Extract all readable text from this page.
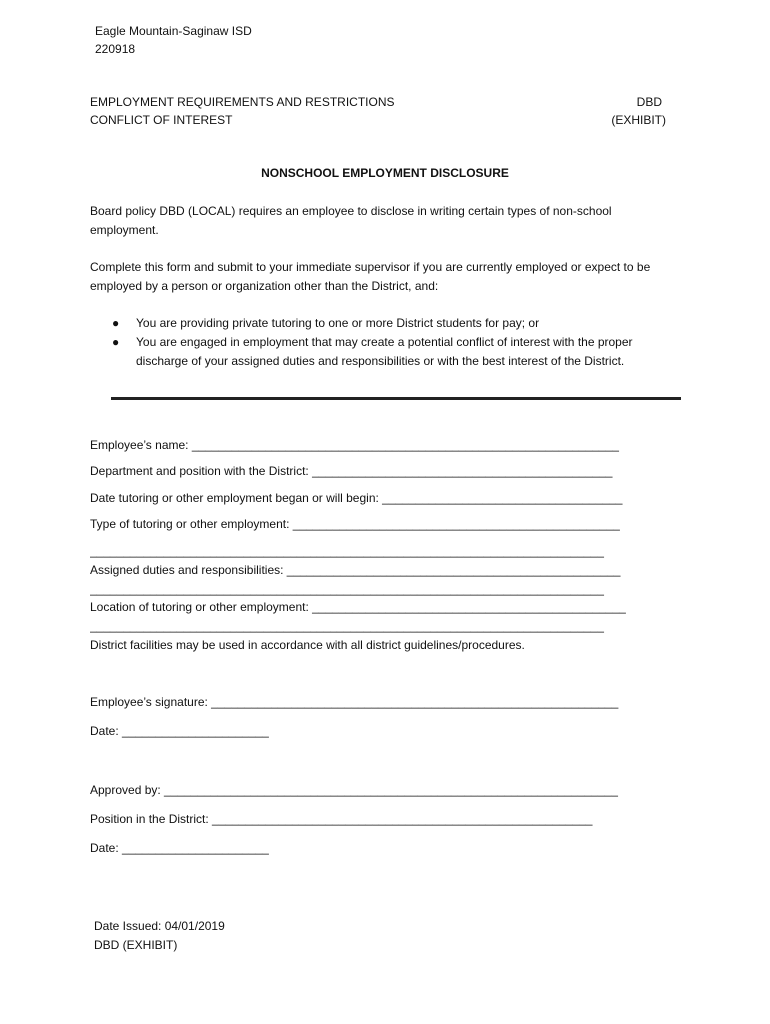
Eagle Mountain-Saginaw ISD
220918
EMPLOYMENT REQUIREMENTS AND RESTRICTIONS
CONFLICT OF INTEREST
DBD
(EXHIBIT)
NONSCHOOL EMPLOYMENT DISCLOSURE
Board policy DBD (LOCAL) requires an employee to disclose in writing certain types of non-school employment.
Complete this form and submit to your immediate supervisor if you are currently employed or expect to be employed by a person or organization other than the District, and:
● You are providing private tutoring to one or more District students for pay; or
● You are engaged in employment that may create a potential conflict of interest with the proper discharge of your assigned duties and responsibilities or with the best interest of the District.
Employee’s name: ________________________________________________________________
Department and position with the District: _____________________________________________
Date tutoring or other employment began or will begin: ____________________________________
Type of tutoring or other employment: _________________________________________________
_____________________________________________________________________________
Assigned duties and responsibilities: __________________________________________________
_____________________________________________________________________________
Location of tutoring or other employment: _______________________________________________
_____________________________________________________________________________
District facilities may be used in accordance with all district guidelines/procedures.
Employee’s signature: _____________________________________________________________
Date: ______________________
Approved by: ____________________________________________________________________
Position in the District: _________________________________________________________
Date: ______________________
Date Issued: 04/01/2019
DBD (EXHIBIT)
